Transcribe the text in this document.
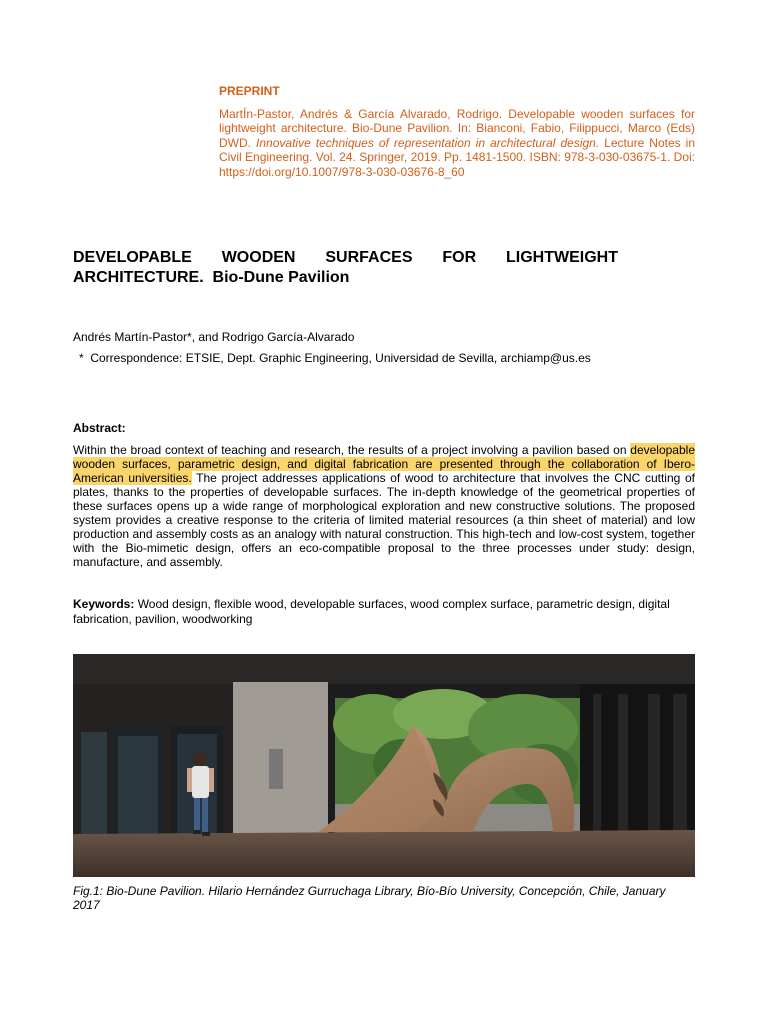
PREPRINT
MartÍn-Pastor, Andrés & García Alvarado, Rodrigo. Developable wooden surfaces for lightweight architecture. Bio-Dune Pavilion. In: Bianconi, Fabio, Filippucci, Marco (Eds) DWD. Innovative techniques of representation in architectural design. Lecture Notes in Civil Engineering. Vol. 24. Springer, 2019. Pp. 1481-1500. ISBN: 978-3-030-03675-1. Doi: https://doi.org/10.1007/978-3-030-03676-8_60
DEVELOPABLE WOODEN SURFACES FOR LIGHTWEIGHT
ARCHITECTURE.  Bio-Dune Pavilion
Andrés Martín-Pastor*, and Rodrigo García-Alvarado
*  Correspondence: ETSIE, Dept. Graphic Engineering, Universidad de Sevilla, archiamp@us.es
Abstract:
Within the broad context of teaching and research, the results of a project involving a pavilion based on developable wooden surfaces, parametric design, and digital fabrication are presented through the collaboration of Ibero-American universities. The project addresses applications of wood to architecture that involves the CNC cutting of plates, thanks to the properties of developable surfaces. The in-depth knowledge of the geometrical properties of these surfaces opens up a wide range of morphological exploration and new constructive solutions. The proposed system provides a creative response to the criteria of limited material resources (a thin sheet of material) and low production and assembly costs as an analogy with natural construction. This high-tech and low-cost system, together with the Bio-mimetic design, offers an eco-compatible proposal to the three processes under study: design, manufacture, and assembly.
Keywords: Wood design, flexible wood, developable surfaces, wood complex surface, parametric design, digital fabrication, pavilion, woodworking
Fig.1: Bio-Dune Pavilion. Hilario Hernández Gurruchaga Library, Bío-Bío University, Concepción, Chile, January 2017
